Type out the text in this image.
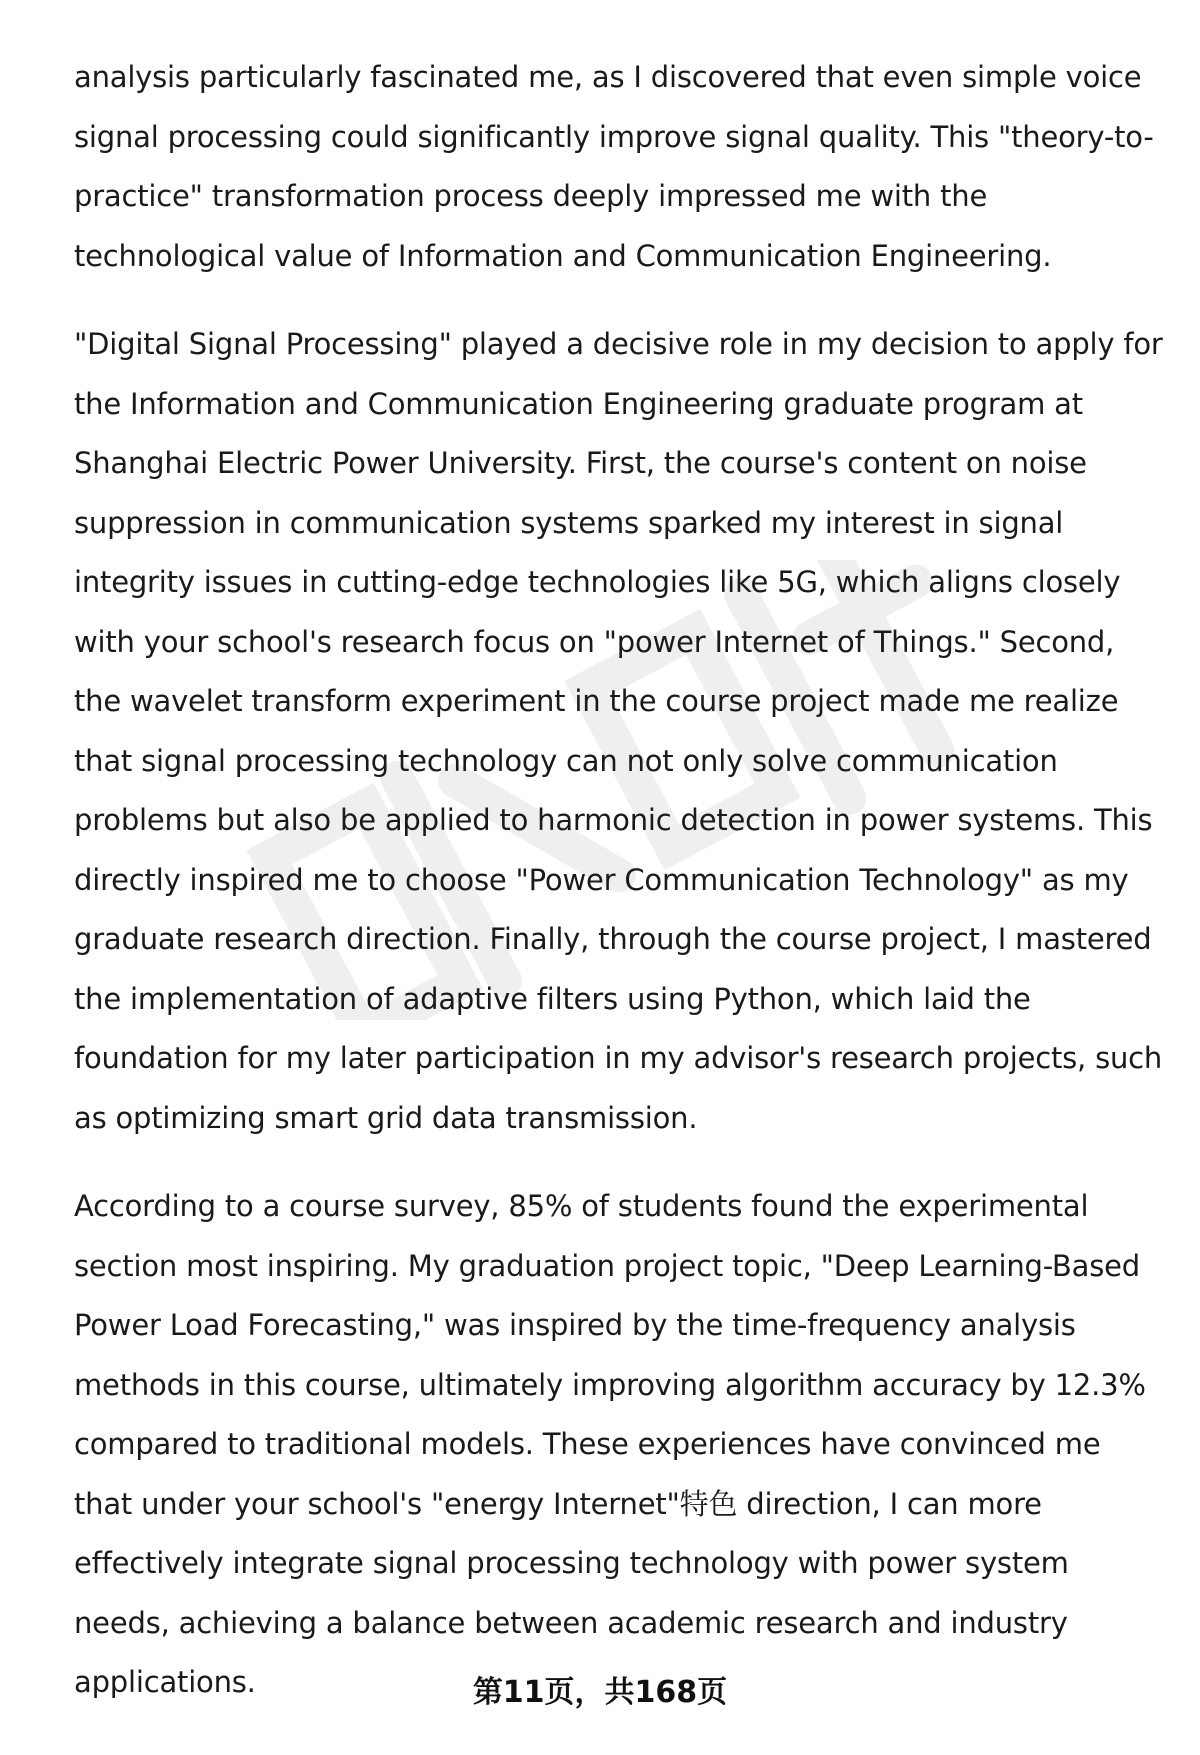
analysis particularly fascinated me, as I discovered that even simple voice signal processing could significantly improve signal quality. This "theory-to-practice" transformation process deeply impressed me with the technological value of Information and Communication Engineering.

"Digital Signal Processing" played a decisive role in my decision to apply for the Information and Communication Engineering graduate program at Shanghai Electric Power University. First, the course's content on noise suppression in communication systems sparked my interest in signal integrity issues in cutting-edge technologies like 5G, which aligns closely with your school's research focus on "power Internet of Things." Second, the wavelet transform experiment in the course project made me realize that signal processing technology can not only solve communication problems but also be applied to harmonic detection in power systems. This directly inspired me to choose "Power Communication Technology" as my graduate research direction. Finally, through the course project, I mastered the implementation of adaptive filters using Python, which laid the foundation for my later participation in my advisor's research projects, such as optimizing smart grid data transmission.

According to a course survey, 85% of students found the experimental section most inspiring. My graduation project topic, "Deep Learning-Based Power Load Forecasting," was inspired by the time-frequency analysis methods in this course, ultimately improving algorithm accuracy by 12.3% compared to traditional models. These experiences have convinced me that under your school's "energy Internet"特色 direction, I can more effectively integrate signal processing technology with power system needs, achieving a balance between academic research and industry applications.	第11页，共168页
